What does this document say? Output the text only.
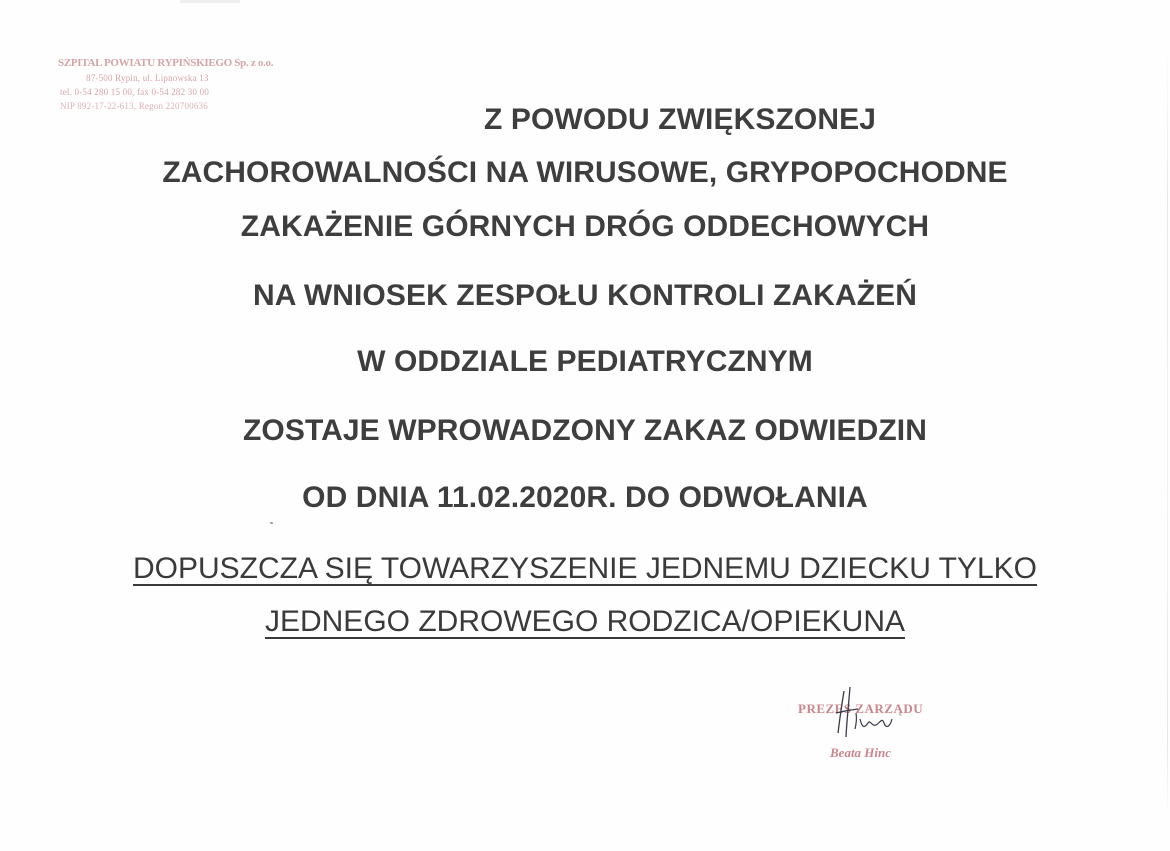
SZPITAL POWIATU RYPIŃSKIEGO Sp. z o.o.
87-500 Rypin, ul. Lipnowska 13
tel. 0-54 280 15 00, fax 0-54 282 30 00
NIP 892-17-22-613, Regon 220700636	Z POWODU ZWIĘKSZONEJ
ZACHOROWALNOŚCI NA WIRUSOWE, GRYPOPOCHODNE
ZAKAŻENIE GÓRNYCH DRÓG ODDECHOWYCH
NA WNIOSEK ZESPOŁU KONTROLI ZAKAŻEŃ
W ODDZIALE PEDIATRYCZNYM
ZOSTAJE WPROWADZONY ZAKAZ ODWIEDZIN
OD DNIA 11.02.2020R. DO ODWOŁANIA
DOPUSZCZA SIĘ TOWARZYSZENIE JEDNEMU DZIECKU TYLKO
JEDNEGO ZDROWEGO RODZICA/OPIEKUNA
PREZES ZARZĄDU
Beata Hinc
